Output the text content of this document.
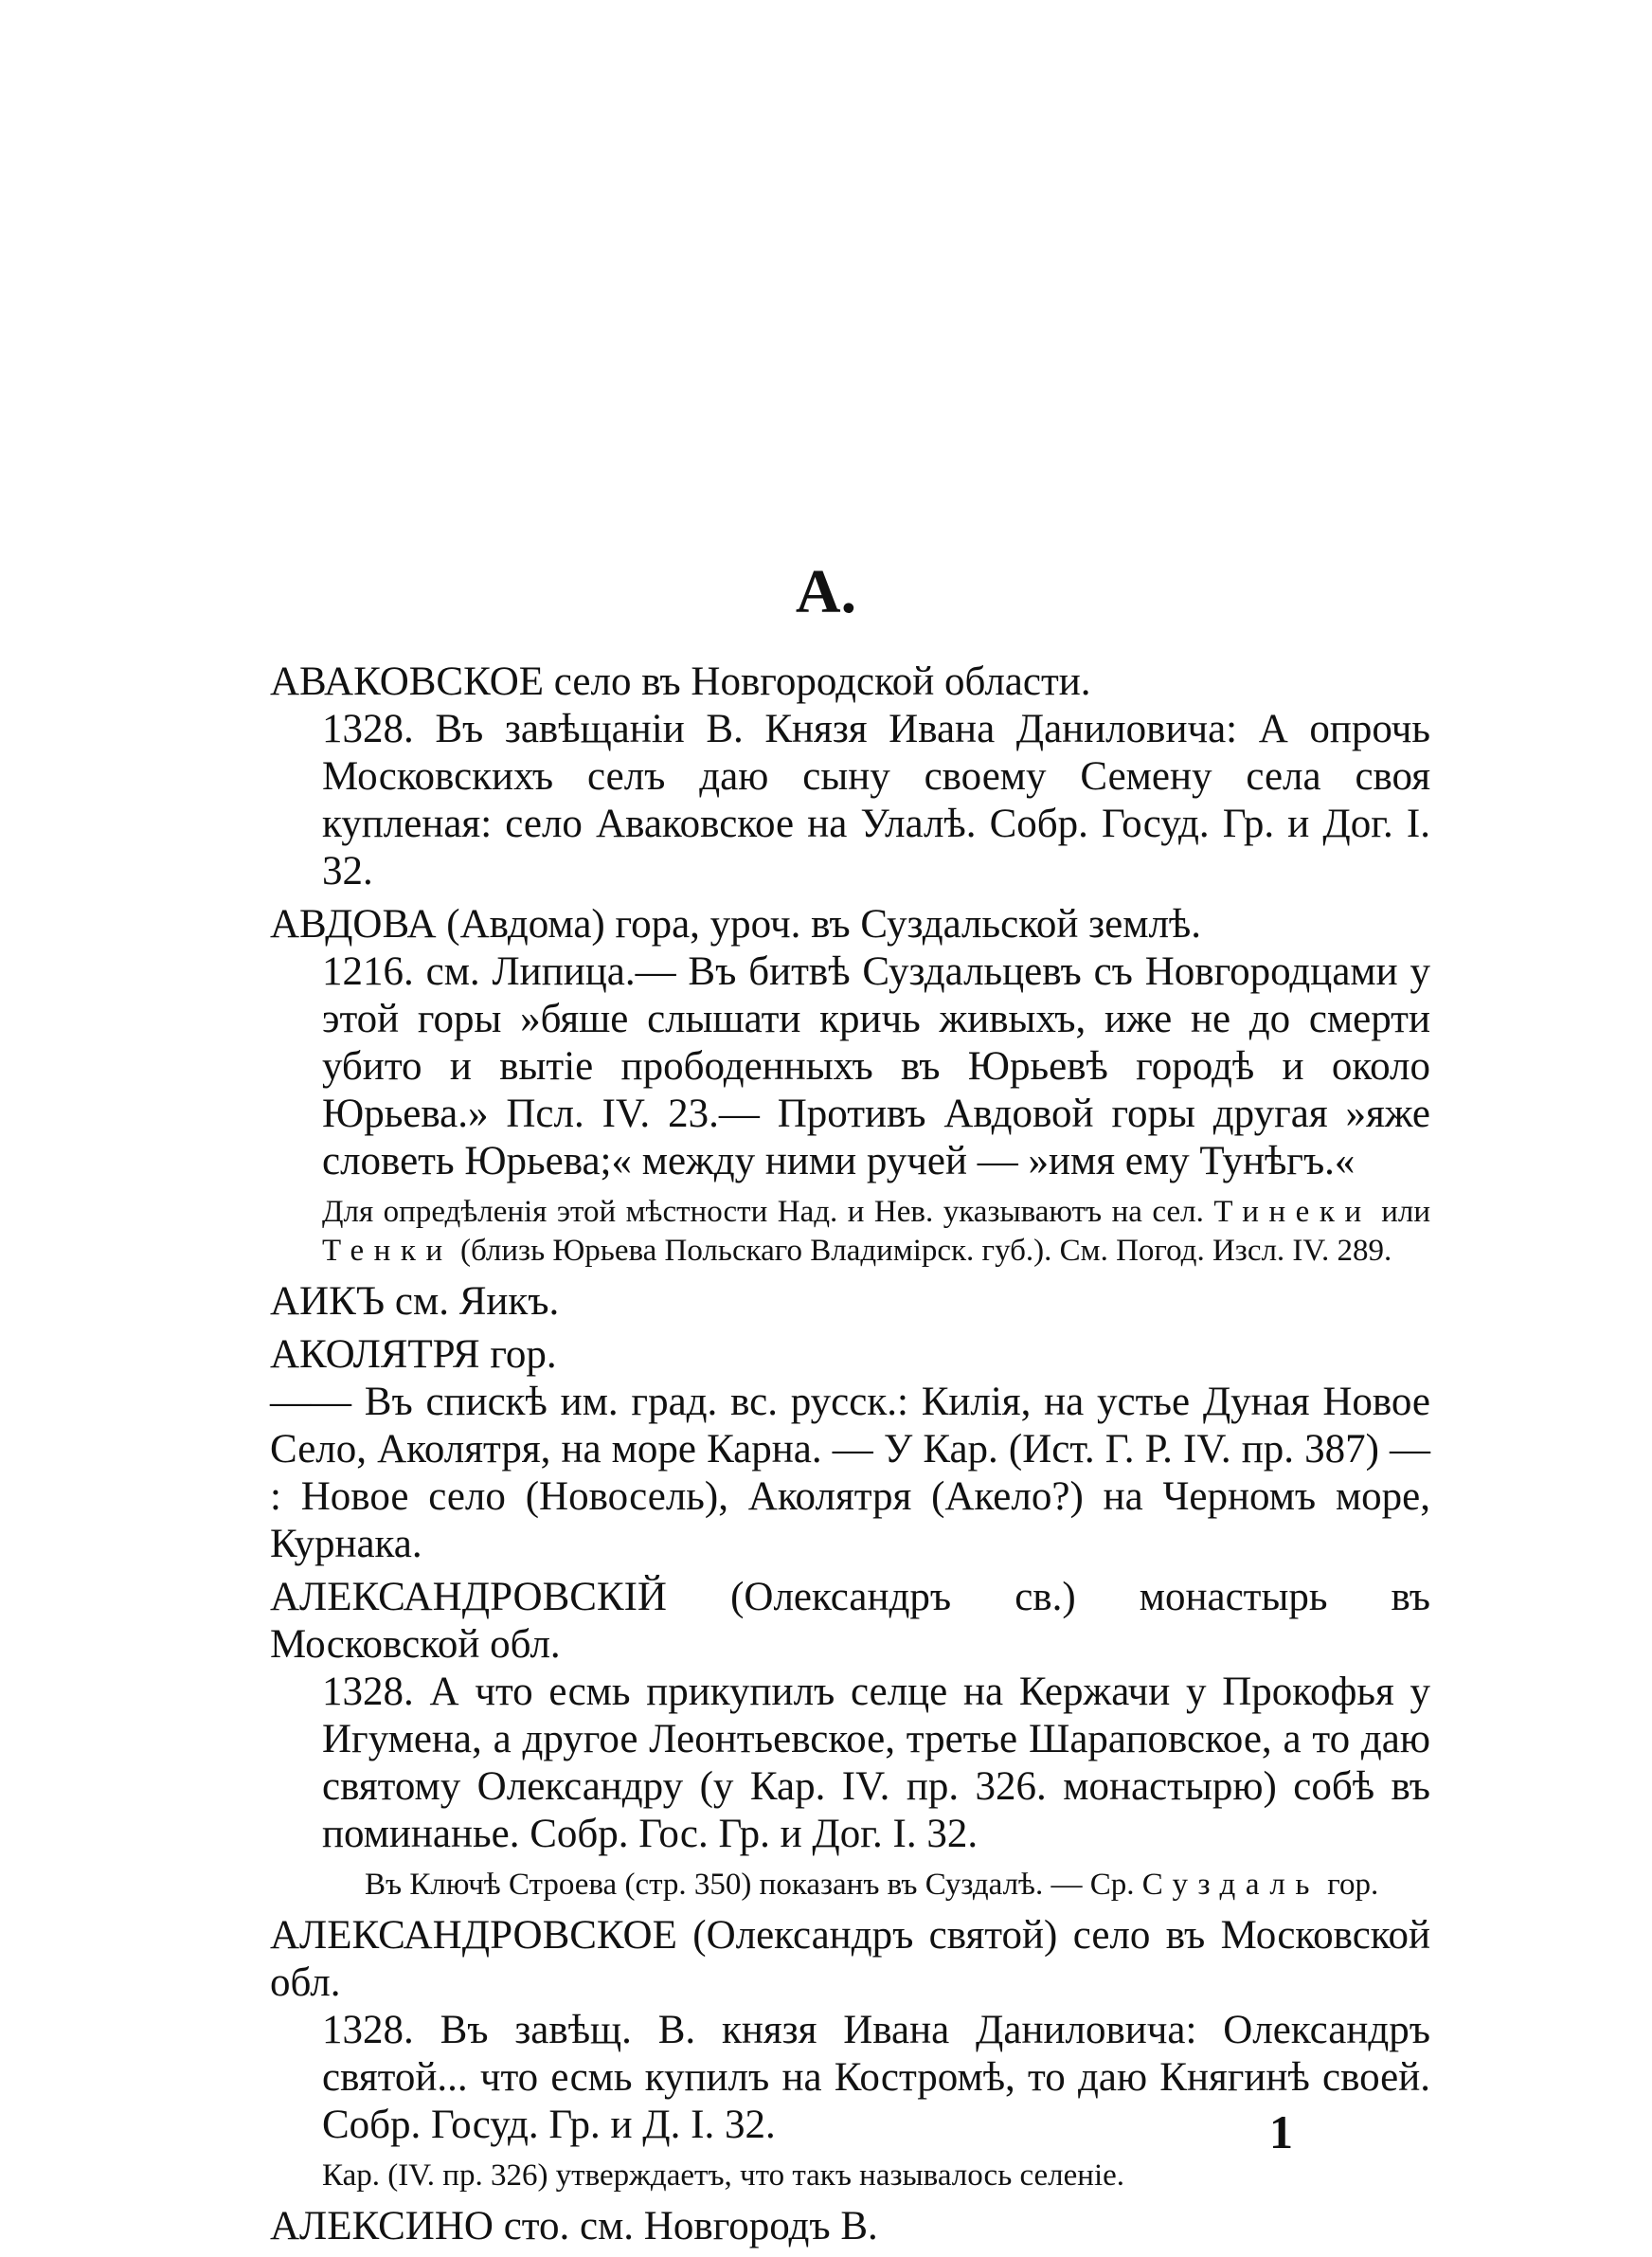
А.

АВАКОВСКОЕ село въ Новгородской области.

1328. Въ завѣщаніи В. Князя Ивана Даниловича: А опрочь Московскихъ селъ даю сыну своему Семену села своя купленая: село Аваковское на Улалѣ. Собр. Госуд. Гр. и Дог. I. 32.

АВДОВА (Авдома) гора, уроч. въ Суздальской землѣ.

1216. см. Липица.— Въ битвѣ Суздальцевъ съ Новгородцами у этой горы »бяше слышати кричь живыхъ, иже не до смерти убито и вытіе прободенныхъ въ Юрьевѣ городѣ и около Юрьева.» Псл. IV. 23.— Противъ Авдовой горы другая »яже словеть Юрьева;« между ними ручей — »имя ему Тунѣгъ.«

Для опредѣленія этой мѣстности Над. и Нев. указываютъ на сел. Тинеки или Тенки (близь Юрьева Польскаго Владимірск. губ.). См. Погод. Изсл. IV. 289.

АИКЪ см. Яикъ.

АКОЛЯТРЯ гор.

—— Въ спискѣ им. град. вс. русск.: Килія, на устье Дуная Новое Село, Аколятря, на море Карна. — У Кар. (Ист. Г. Р. IV. пр. 387) — : Новое село (Новосель), Аколятря (Акело?) на Черномъ море, Курнака.

АЛЕКСАНДРОВСКІЙ (Олександръ св.) монастырь въ Московской обл.

1328. А что есмь прикупилъ селце на Кержачи у Прокофья у Игумена, а другое Леонтьевское, третье Шараповское, а то даю святому Олександру (у Кар. IV. пр. 326. монастырю) собѣ въ поминанье. Собр. Гос. Гр. и Дог. I. 32.

Въ Ключѣ Строева (стр. 350) показанъ въ Суздалѣ. — Ср. Суздаль гор.

АЛЕКСАНДРОВСКОЕ (Олександръ святой) село въ Московской обл.

1328. Въ завѣщ. В. князя Ивана Даниловича: Олександръ святой... что есмь купилъ на Костромѣ, то даю Княгинѣ своей. Собр. Госуд. Гр. и Д. I. 32.

Кар. (IV. пр. 326) утверждаетъ, что такъ называлось селеніе.

АЛЕКСИНО сто. см. Новгородъ В.

1
